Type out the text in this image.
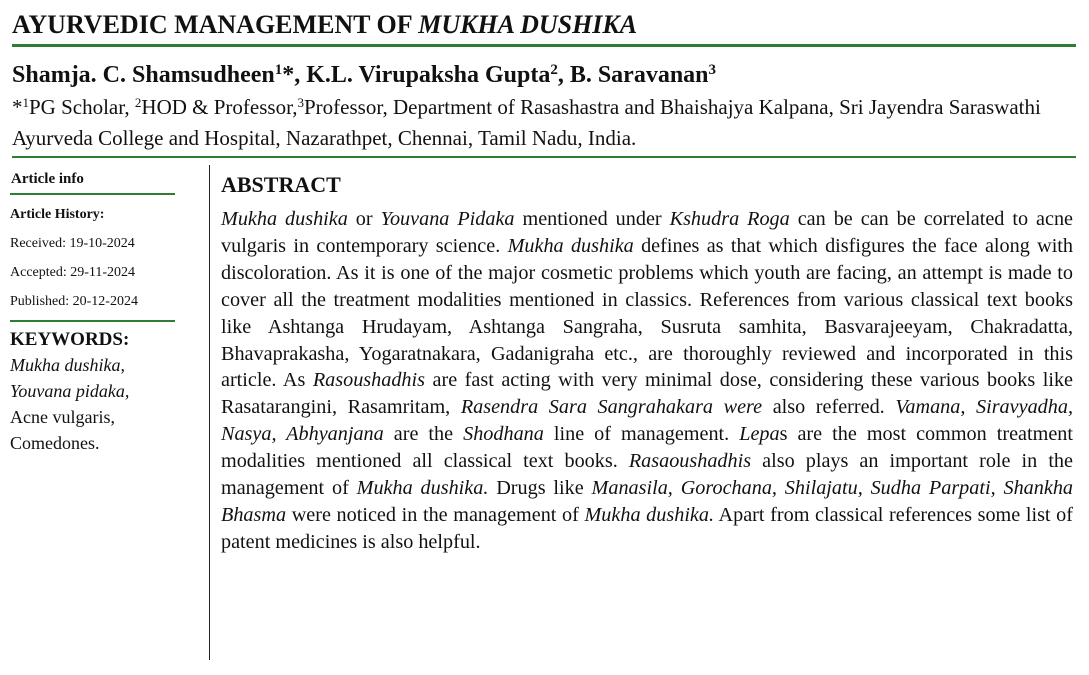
AYURVEDIC MANAGEMENT OF MUKHA DUSHIKA
Shamja. C. Shamsudheen$^1$*, K.L. Virupaksha Gupta$^2$, B. Saravanan$^3$
*$^1$PG Scholar, $^2$HOD & Professor,$^3$Professor, Department of Rasashastra and Bhaishajya Kalpana, Sri Jayendra Saraswathi Ayurveda College and Hospital, Nazarathpet, Chennai, Tamil Nadu, India.
Article info
Article History:
Received: 19-10-2024
Accepted: 29-11-2024
Published: 20-12-2024
KEYWORDS:
Mukha dushika,
Youvana pidaka,
Acne vulgaris,
Comedones.
ABSTRACT

Mukha dushika or Youvana Pidaka mentioned under Kshudra Roga can be can be correlated to acne vulgaris in contemporary science. Mukha dushika defines as that which disfigures the face along with discoloration. As it is one of the major cosmetic problems which youth are facing, an attempt is made to cover all the treatment modalities mentioned in classics. References from various classical text books like Ashtanga Hrudayam, Ashtanga Sangraha, Susruta samhita, Basvarajeeyam, Chakradatta, Bhavaprakasha, Yogaratnakara, Gadanigraha etc., are thoroughly reviewed and incorporated in this article. As Rasoushadhis are fast acting with very minimal dose, considering these various books like Rasatarangini, Rasamritam, Rasendra Sara Sangrahakara were also referred. Vamana, Siravyadha, Nasya, Abhyanjana are the Shodhana line of management. Lepas are the most common treatment modalities mentioned all classical text books. Rasaoushadhis also plays an important role in the management of Mukha dushika. Drugs like Manasila, Gorochana, Shilajatu, Sudha Parpati, Shankha Bhasma were noticed in the management of Mukha dushika. Apart from classical references some list of patent medicines is also helpful.
